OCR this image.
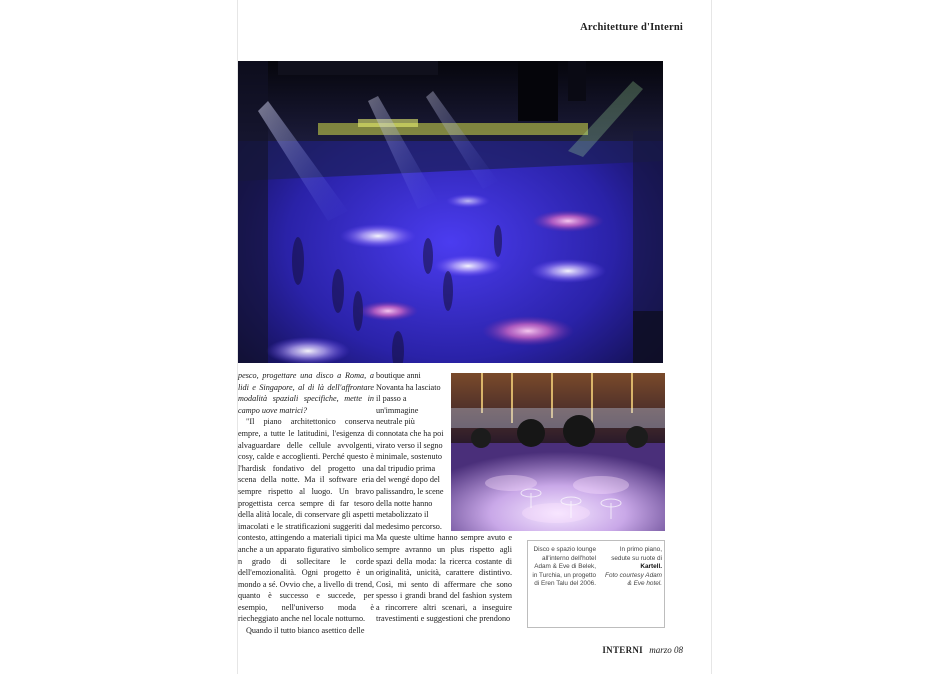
Architetture d'Interni

pesco, progettare una disco a Roma, a lidi e Singapore, al di là dell'affrontare modalità spaziali specifiche, mette in campo uove matrici?

"Il piano architettonico conserva empre, a tutte le latitudini, l'esigenza di alvaguardare delle cellule avvolgenti, cosy, calde e accoglienti. Perché questo è l'hardisk fondativo del progetto una scena della notte. Ma il software eria sempre rispetto al luogo. Un bravo progettista cerca sempre di far tesoro della alità locale, di conservare gli aspetti imacolati e le stratificazioni suggeriti dal contesto, attingendo a materiali tipici ma anche a un apparato figurativo simbolico n grado di sollecitare le corde dell'emozionalità. Ogni progetto è un mondo a sé. Ovvio che, a livello di trend, quanto è successo e succede, per esempio, nell'universo moda è riecheggiato anche nel locale notturno.

Quando il tutto bianco asettico delle

boutique anni Novanta ha lasciato il passo a un'immagine neutrale più connotata che ha poi virato verso il segno minimale, sostenuto dal tripudio prima del wengé dopo del palissandro, le scene della notte hanno metabolizzato il medesimo percorso.

Ma queste ultime hanno sempre avuto e sempre avranno un plus rispetto agli spazi della moda: la ricerca costante di originalità, unicità, carattere distintivo. Così, mi sento di affermare che sono spesso i grandi brand del fashion system a rincorrere altri scenari, a inseguire travestimenti e suggestioni che prendono

Disco e spazio lounge all'interno dell'hotel Adam & Eve di Belek, in Turchia, un progetto di Eren Talu del 2006.
In primo piano, sedute su ruote di Kartell.
Foto courtesy Adam & Eve hotel.
INTERNI marzo 08
